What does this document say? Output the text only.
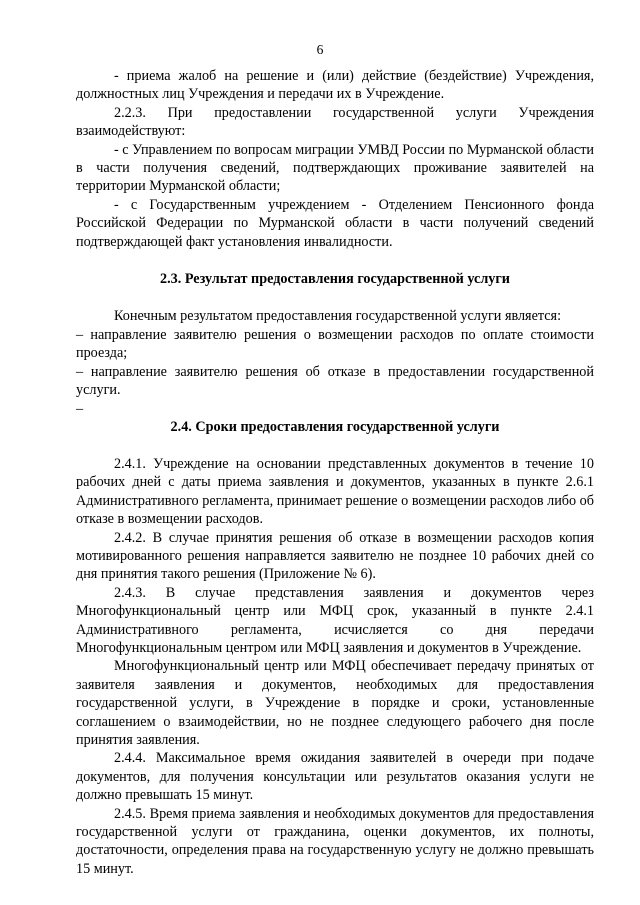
6

- приема жалоб на решение и (или) действие (бездействие) Учреждения, должностных лиц Учреждения и передачи их в Учреждение.

2.2.3. При предоставлении государственной услуги Учреждения взаимодействуют:

- с Управлением по вопросам миграции УМВД России по Мурманской области в части получения сведений, подтверждающих проживание заявителей на территории Мурманской области;

- с Государственным учреждением - Отделением Пенсионного фонда Российской Федерации по Мурманской области в части получений сведений подтверждающей факт установления инвалидности.

2.3. Результат предоставления государственной услуги

Конечным результатом предоставления государственной услуги является:

– направление заявителю решения о возмещении расходов по оплате стоимости проезда;

– направление заявителю решения об отказе в предоставлении государственной услуги.

–

2.4. Сроки предоставления государственной услуги

2.4.1. Учреждение на основании представленных документов в течение 10 рабочих дней с даты приема заявления и документов, указанных в пункте 2.6.1 Административного регламента, принимает решение о возмещении расходов либо об отказе в возмещении расходов.

2.4.2. В случае принятия решения об отказе в возмещении расходов копия мотивированного решения направляется заявителю не позднее 10 рабочих дней со дня принятия такого решения (Приложение № 6).

2.4.3. В случае представления заявления и документов через Многофункциональный центр или МФЦ срок, указанный в пункте 2.4.1 Административного регламента, исчисляется со дня передачи Многофункциональным центром или МФЦ заявления и документов в Учреждение.

Многофункциональный центр или МФЦ обеспечивает передачу принятых от заявителя заявления и документов, необходимых для предоставления государственной услуги, в Учреждение в порядке и сроки, установленные соглашением о взаимодействии, но не позднее следующего рабочего дня после принятия заявления.

2.4.4. Максимальное время ожидания заявителей в очереди при подаче документов, для получения консультации или результатов оказания услуги не должно превышать 15 минут.

2.4.5. Время приема заявления и необходимых документов для предоставления государственной услуги от гражданина, оценки документов, их полноты, достаточности, определения права на государственную услугу не должно превышать 15 минут.
